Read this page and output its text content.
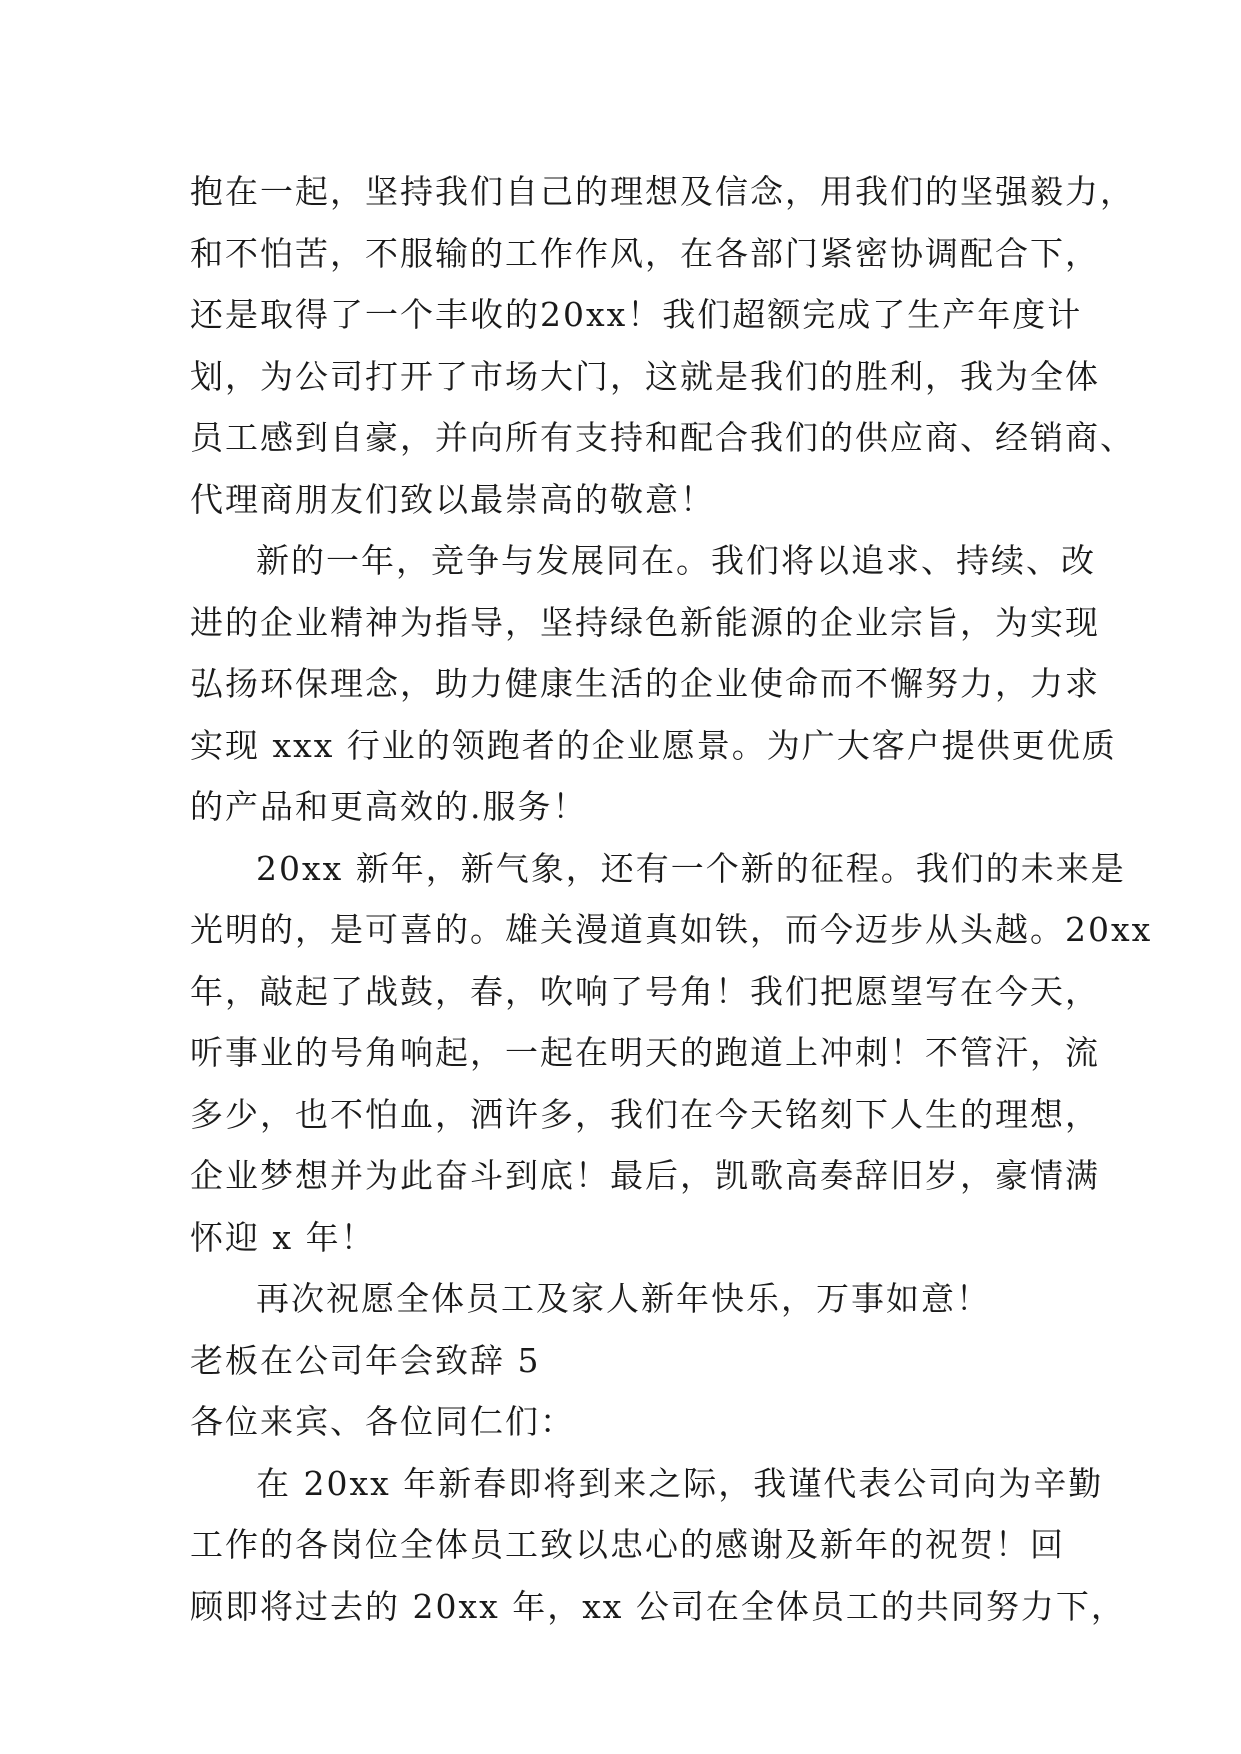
抱在一起，坚持我们自己的理想及信念，用我们的坚强毅力，
和不怕苦，不服输的工作作风，在各部门紧密协调配合下，
还是取得了一个丰收的20xx！我们超额完成了生产年度计
划，为公司打开了市场大门，这就是我们的胜利，我为全体
员工感到自豪，并向所有支持和配合我们的供应商、经销商、
代理商朋友们致以最崇高的敬意！
新的一年，竞争与发展同在。我们将以追求、持续、改
进的企业精神为指导，坚持绿色新能源的企业宗旨，为实现
弘扬环保理念，助力健康生活的企业使命而不懈努力，力求
实现 xxx 行业的领跑者的企业愿景。为广大客户提供更优质
的产品和更高效的.服务！
20xx 新年，新气象，还有一个新的征程。我们的未来是
光明的，是可喜的。雄关漫道真如铁，而今迈步从头越。20xx
年，敲起了战鼓，春，吹响了号角！我们把愿望写在今天，
听事业的号角响起，一起在明天的跑道上冲刺！不管汗，流
多少，也不怕血，洒许多，我们在今天铭刻下人生的理想，
企业梦想并为此奋斗到底！最后，凯歌高奏辞旧岁，豪情满
怀迎 x 年！
再次祝愿全体员工及家人新年快乐，万事如意！
老板在公司年会致辞 5
各位来宾、各位同仁们：
在 20xx 年新春即将到来之际，我谨代表公司向为辛勤
工作的各岗位全体员工致以忠心的感谢及新年的祝贺！回
顾即将过去的 20xx 年，xx 公司在全体员工的共同努力下，
